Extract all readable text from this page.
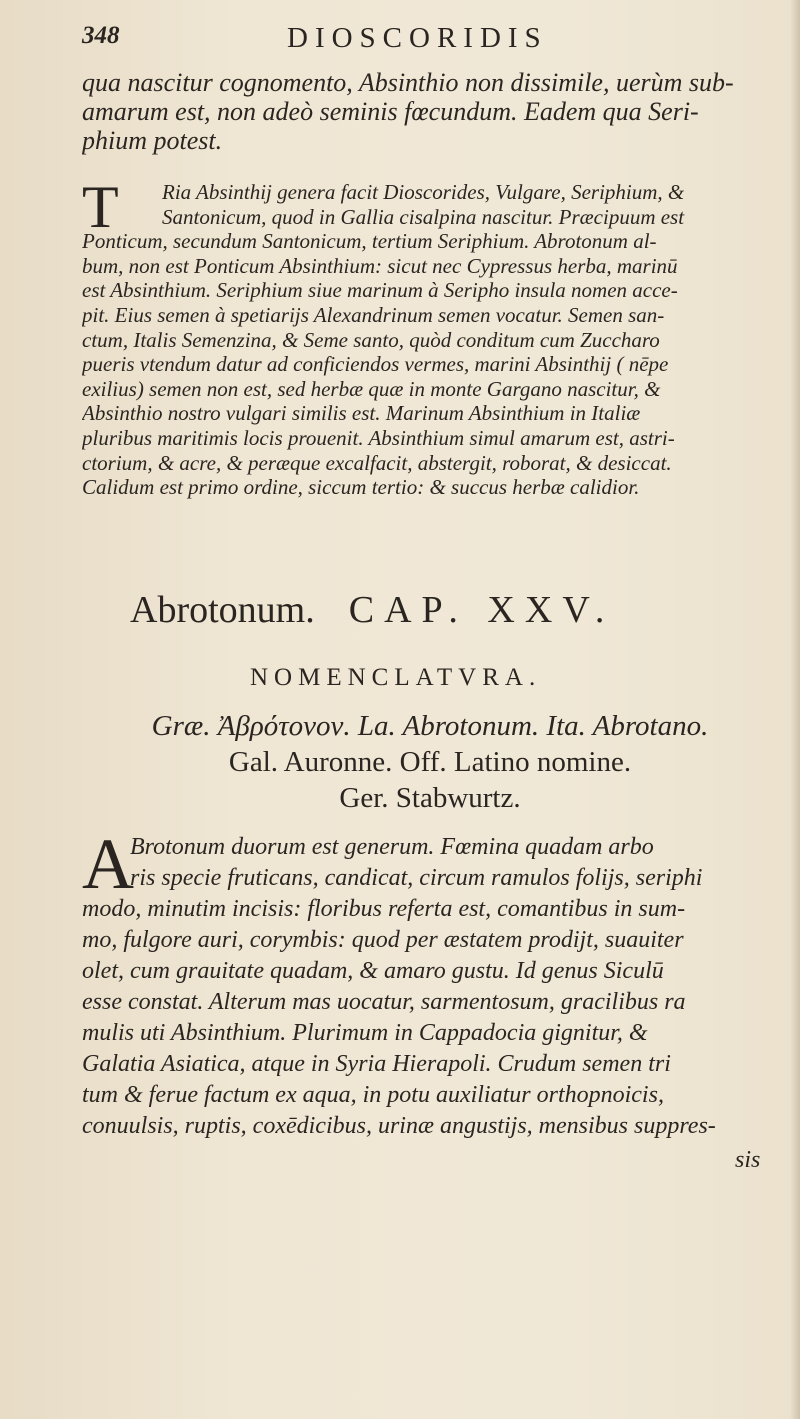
348	DIOSCORIDIS
qua nascitur cognomento, Absinthio non dissimile, uerùm sub-
amarum est, non adeò seminis fœcundum. Eadem qua Seri-
phium potest.
T	Ria Absinthij genera facit Dioscorides, Vulgare, Seriphium, &
Santonicum, quod in Gallia cisalpina nascitur. Præcipuum est
Ponticum, secundum Santonicum, tertium Seriphium. Abrotonum al-
bum, non est Ponticum Absinthium: sicut nec Cypressus herba, marinū
est Absinthium. Seriphium siue marinum à Seripho insula nomen acce-
pit. Eius semen à spetiarijs Alexandrinum semen vocatur. Semen san-
ctum, Italis Semenzina, & Seme santo, quòd conditum cum Zuccharo
pueris vtendum datur ad conficiendos vermes, marini Absinthij ( nēpe
exilius) semen non est, sed herbæ quæ in monte Gargano nascitur, &
Absinthio nostro vulgari similis est. Marinum Absinthium in Italiæ
pluribus maritimis locis prouenit. Absinthium simul amarum est, astri-
ctorium, & acre, & peræque excalfacit, abstergit, roborat, & desiccat.
Calidum est primo ordine, siccum tertio: & succus herbæ calidior.
Abrotonum. CAP. XXV.
NOMENCLATVRA.
Græ. Ἀβρότονον. La. Abrotonum. Ita. Abrotano.
Gal. Auronne. Off. Latino nomine.
Ger. Stabwurtz.
A
Brotonum duorum est generum. Fœmina quadam arbo
ris specie fruticans, candicat, circum ramulos folijs, seriphi
modo, minutim incisis: floribus referta est, comantibus in sum-
mo, fulgore auri, corymbis: quod per æstatem prodijt, suauiter
olet, cum grauitate quadam, & amaro gustu. Id genus Siculū
esse constat. Alterum mas uocatur, sarmentosum, gracilibus ra
mulis uti Absinthium. Plurimum in Cappadocia gignitur, &
Galatia Asiatica, atque in Syria Hierapoli. Crudum semen tri
tum & ferue factum ex aqua, in potu auxiliatur orthopnoicis,
conuulsis, ruptis, coxēdicibus, urinæ angustijs, mensibus suppres-
sis
